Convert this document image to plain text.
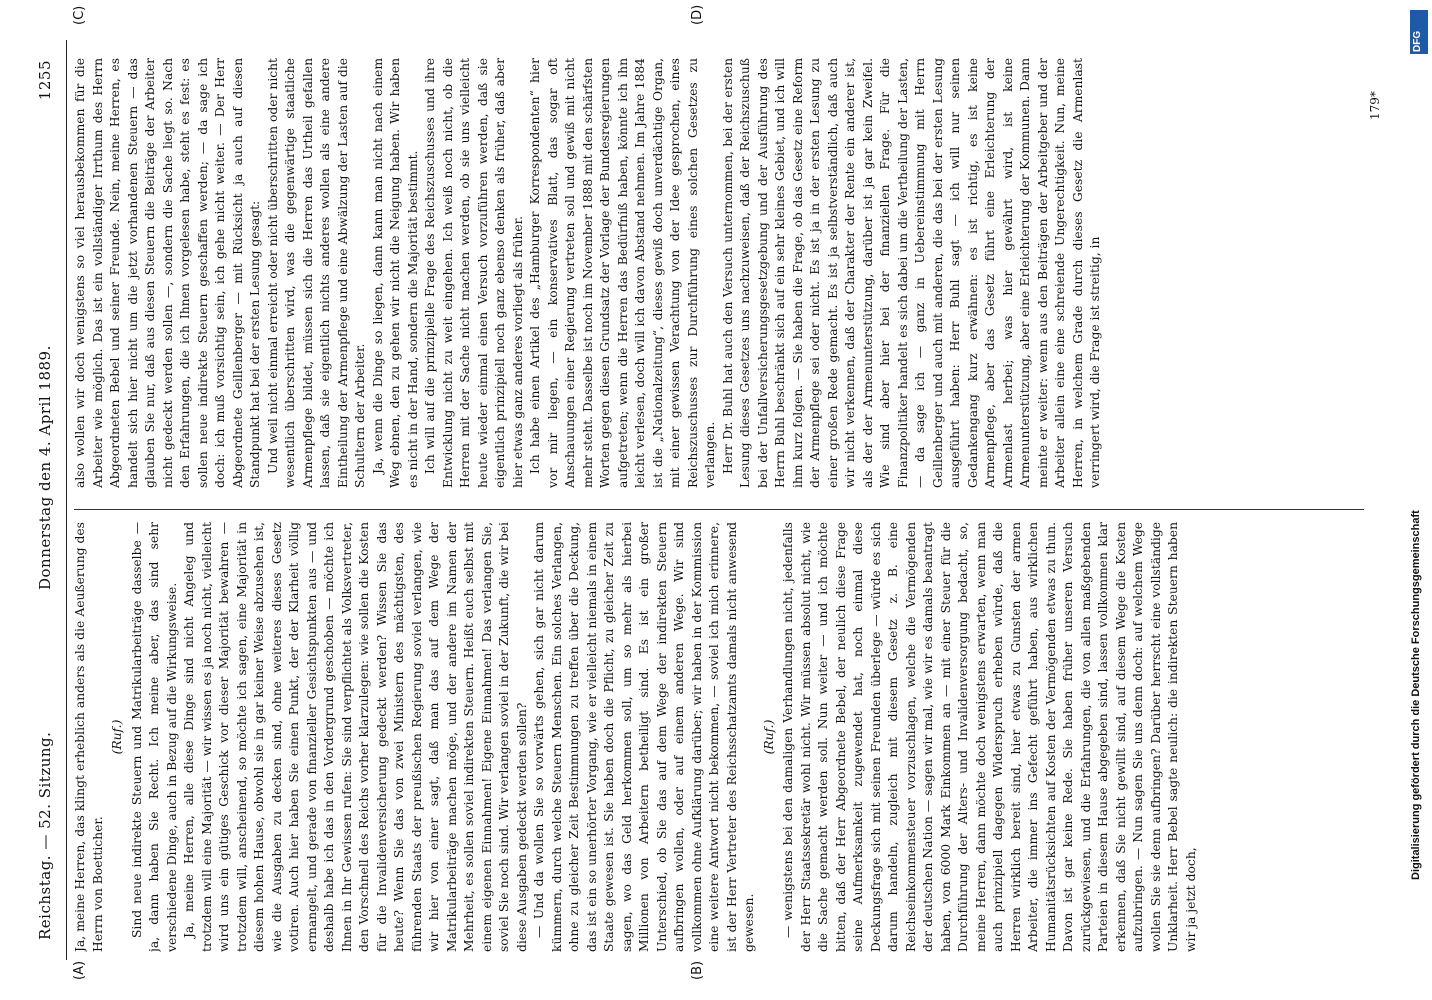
Reichstag. — 52. Sitzung.
Donnerstag den 4. April 1889.
1255
(A)	(B)
(C)	(D)

Ja, meine Herren, das klingt erheblich anders als die Aeußerung des Herrn von Boetticher.

(Ruf.) Sind neue indirekte Steuern und Matrikularbeiträge dasselbe — ja, dann haben Sie Recht. Ich meine aber, das sind sehr verschiedene Dinge, auch in Bezug auf die Wirkungsweise. Ja, meine Herren, alle diese Dinge sind nicht Angeleg und trotzdem will eine Majorität — wir wissen es ja noch nicht, vielleicht wird uns ein gütiges Geschick vor dieser Majorität bewahren — trotzdem will, anscheinend, so möchte ich sagen, eine Majorität in diesem hohen Hause, obwohl sie in gar keiner Weise abzusehen ist, wie die Ausgaben zu decken sind, ohne weiteres dieses Gesetz votiren. Auch hier haben Sie einen Punkt, der der Klarheit völlig ermangelt, und gerade von finanzieller Gesichtspunkten aus — und deshalb habe ich das in den Vordergrund geschoben — möchte ich Ihnen in Ihr Gewissen rufen: Sie sind verpflichtet als Volksvertreter, den Vorschnell des Reichs vorher klarzulegen: wie sollen die Kosten für die Invalidenversicherung gedeckt werden? Wissen Sie das heute? Wenn Sie das von zwei Ministern des mächtigsten, des führenden Staats der preußischen Regierung soviel verlangen, wie wir hier von einer sagt, daß man das auf dem Wege der Matrikularbeiträge machen möge, und der andere im Namen der Mehrheit, es sollen soviel indirekten Steuern. Heißt euch selbst mit einem eigenen Einnahmen! Eigene Einnahmen! Das verlangen Sie, soviel Sie noch sind. Wir verlangen soviel in der Zukunft, die wir bei diese Ausgaben gedeckt werden sollen? — Und da wollen Sie so vorwärts gehen, sich gar nicht darum kümmern, durch welche Steuern Menschen. Ein solches Verlangen, ohne zu gleicher Zeit Bestimmungen zu treffen über die Deckung, das ist ein so unerhörter Vorgang, wie er vielleicht niemals in einem Staate gewesen ist. Sie haben doch die Pflicht, zu gleicher Zeit zu sagen, wo das Geld herkommen soll, um so mehr als hierbei Millionen von Arbeitern betheiligt sind. Es ist ein großer Unterschied, ob Sie das auf dem Wege der indirekten Steuern aufbringen wollen, oder auf einem anderen Wege. Wir sind vollkommen ohne Aufklärung darüber; wir haben in der Kommission eine weitere Antwort nicht bekommen, — soviel ich mich erinnere, ist der Herr Vertreter des Reichsschatzamts damals nicht anwesend gewesen.

(Ruf.) — wenigstens bei den damaligen Verhandlungen nicht, jedenfalls der Herr Staatssekretär wohl nicht. Wir müssen absolut nicht, wie die Sache gemacht werden soll. Nun weiter — und ich möchte bitten, daß der Herr Abgeordnete Bebel, der neulich diese Frage seine Aufmerksamkeit zugewendet hat, noch einmal diese Deckungsfrage sich mit seinen Freunden überlege — würde es sich darum handeln, zugleich mit diesem Gesetz z. B. eine Reichseinkommensteuer vorzuschlagen, welche die Vermögenden der deutschen Nation — sagen wir mal, wie wir es damals beantragt haben, von 6000 Mark Einkommen an — mit einer Steuer für die Durchführung der Alters- und Invalidenversorgung bedacht, so, meine Herren, dann möchte doch wenigstens erwarten, wenn man auch prinzipiell dagegen Widerspruch erheben würde, daß die Herren wirklich bereit sind, hier etwas zu Gunsten der armen Arbeiter, die immer ins Gefecht geführt haben, aus wirklichen Humanitätsrücksichten auf Kosten der Vermögenden etwas zu thun. Davon ist gar keine Rede. Sie haben früher unseren Versuch zurückgewiesen, und die Erfahrungen, die von allen maßgebenden Parteien in diesem Hause abgegeben sind, lassen vollkommen klar erkennen, daß Sie nicht gewillt sind, auf diesem Wege die Kosten aufzubringen. — Nun sagen Sie uns denn doch: auf welchem Wege wollen Sie sie denn aufbringen? Darüber herrscht eine vollständige Unklarheit. Herr Bebel sagte neulich: die indirekten Steuern haben wir ja jetzt doch,

also wollen wir doch wenigstens so viel herausbekommen für die Arbeiter wie möglich. Das ist ein vollständiger Irrthum des Herrn Abgeordneten Bebel und seiner Freunde. Nein, meine Herren, es handelt sich hier nicht um die jetzt vorhandenen Steuern — das glauben Sie nur, daß aus diesen Steuern die Beiträge der Arbeiter nicht gedeckt werden sollen —, sondern die Sache liegt so. Nach den Erfahrungen, die ich Ihnen vorgelesen habe, steht es fest: es sollen neue indirekte Steuern geschaffen werden; — da sage ich doch: ich muß vorsichtig sein, ich gehe nicht weiter. — Der Herr Abgeordnete Geillenberger — mit Rücksicht ja auch auf diesen Standpunkt hat bei der ersten Lesung gesagt: Und weil nicht einmal erreicht oder nicht überschritten oder nicht wesentlich überschritten wird, was die gegenwärtige staatliche Armenpflege bildet, müssen sich die Herren das Urtheil gefallen lassen, daß sie eigentlich nichts anderes wollen als eine andere Eintheilung der Armenpflege und eine Abwälzung der Lasten auf die Schultern der Arbeiter. Ja, wenn die Dinge so liegen, dann kann man nicht nach einem Weg ebnen, den zu gehen wir nicht die Neigung haben. Wir haben es nicht in der Hand, sondern die Majorität bestimmt. Ich will auf die prinzipielle Frage des Reichszuschusses und ihre Entwicklung nicht zu weit eingehen. Ich weiß noch nicht, ob die Herren mit der Sache nicht machen werden, ob sie uns vielleicht heute wieder einmal einen Versuch vorzuführen werden, daß sie eigentlich prinzipiell noch ganz ebenso denken als früher, daß aber hier etwas ganz anderes vorliegt als früher. Ich habe einen Artikel des „Hamburger Korrespondenten“ hier vor mir liegen, — ein konservatives Blatt, das sogar oft Anschauungen einer Regierung vertreten soll und gewiß mit nicht mehr steht. Dasselbe ist noch im November 1888 mit den schärfsten Worten gegen diesen Grundsatz der Vorlage der Bundesregierungen aufgetreten; wenn die Herren das Bedürfniß haben, könnte ich ihn leicht verlesen, doch will ich davon Abstand nehmen. Im Jahre 1884 ist die „Nationalzeitung“, dieses gewiß doch unverdächtige Organ, mit einer gewissen Verachtung von der Idee gesprochen, eines Reichszuschusses zur Durchführung eines solchen Gesetzes zu verlangen. Herr Dr. Buhl hat auch den Versuch unternommen, bei der ersten Lesung dieses Gesetzes uns nachzuweisen, daß der Reichszuschuß bei der Unfallversicherungsgesetzgebung und der Ausführung des Herrn Buhl beschränkt sich auf ein sehr kleines Gebiet, und ich will ihm kurz folgen. — Sie haben die Frage, ob das Gesetz eine Reform der Armenpflege sei oder nicht. Es ist ja in der ersten Lesung zu einer großen Rede gemacht. Es ist ja selbstverständlich, daß auch wir nicht verkennen, daß der Charakter der Rente ein anderer ist, als der der Armenunterstützung, darüber ist ja gar kein Zweifel. Wie sind aber hier bei der finanziellen Frage. Für die Finanzpolitiker handelt es sich dabei um die Vertheilung der Lasten, — da sage ich — ganz in Uebereinstimmung mit Herrn Geillenberger und auch mit anderen, die das bei der ersten Lesung ausgeführt haben: Herr Buhl sagt — ich will nur seinen Gedankengang kurz erwähnen: es ist richtig, es ist keine Armenpflege, aber das Gesetz führt eine Erleichterung der Armenlast herbei; was hier gewährt wird, ist keine Armenunterstützung, aber eine Erleichterung der Kommunen. Dann meinte er weiter: wenn aus den Beiträgen der Arbeitgeber und der Arbeiter allein eine eine schreiende Ungerechtigkeit. Nun, meine Herren, in welchem Grade durch dieses Gesetz die Armenlast verringert wird, die Frage ist streitig, in

179*
Digitalisierung gefördert durch die Deutsche Forschungsgemeinschaft
DFG
